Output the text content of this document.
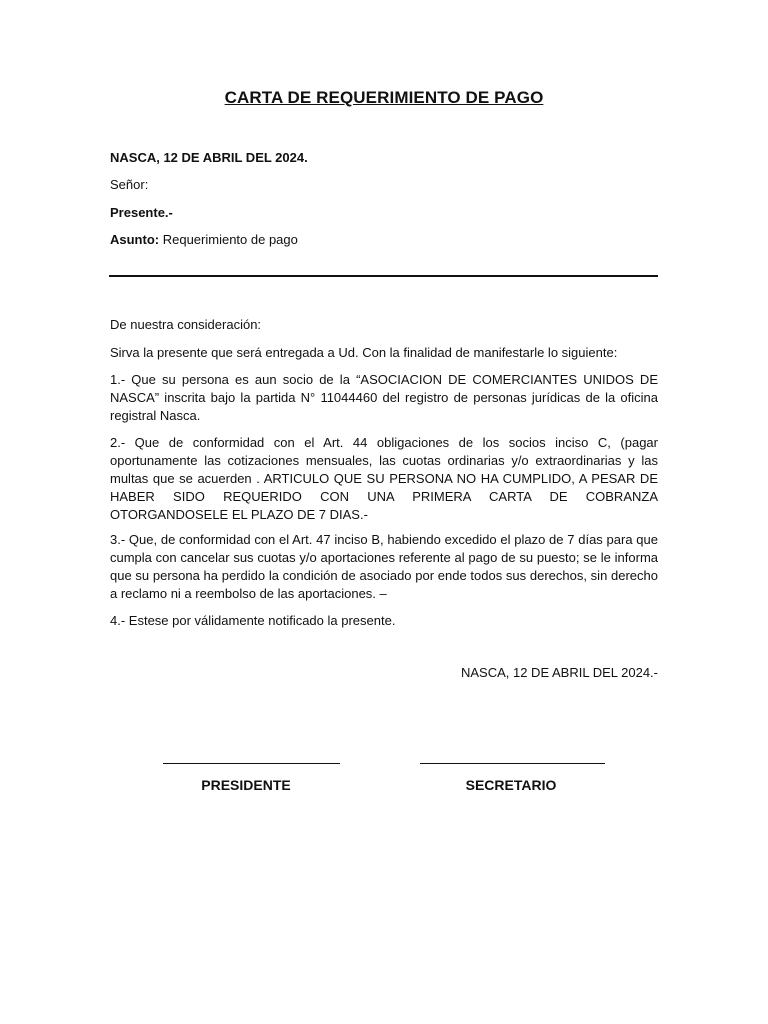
CARTA DE REQUERIMIENTO DE PAGO
NASCA, 12 DE ABRIL DEL 2024.
Señor:
Presente.-
Asunto: Requerimiento de pago
De nuestra consideración:
Sirva la presente que será entregada a Ud. Con la finalidad de manifestarle lo siguiente:
1.- Que su persona es aun socio de la “ASOCIACION DE COMERCIANTES UNIDOS DE NASCA” inscrita bajo la partida N° 11044460 del registro de personas jurídicas de la oficina registral Nasca.
2.- Que de conformidad con el Art. 44 obligaciones de los socios inciso C, (pagar oportunamente las cotizaciones mensuales, las cuotas ordinarias y/o extraordinarias y las multas que se acuerden . ARTICULO QUE SU PERSONA NO HA CUMPLIDO, A PESAR DE HABER SIDO REQUERIDO CON UNA PRIMERA CARTA DE COBRANZA OTORGANDOSELE EL PLAZO DE 7 DIAS.-
3.- Que, de conformidad con el Art. 47 inciso B, habiendo excedido el plazo de 7 días para que cumpla con cancelar sus cuotas y/o aportaciones referente al pago de su puesto; se le informa que su persona ha perdido la condición de asociado por ende todos sus derechos, sin derecho a reclamo ni a reembolso de las aportaciones. –
4.- Estese por válidamente notificado la presente.
NASCA, 12 DE ABRIL DEL 2024.-
PRESIDENTE	SECRETARIO
